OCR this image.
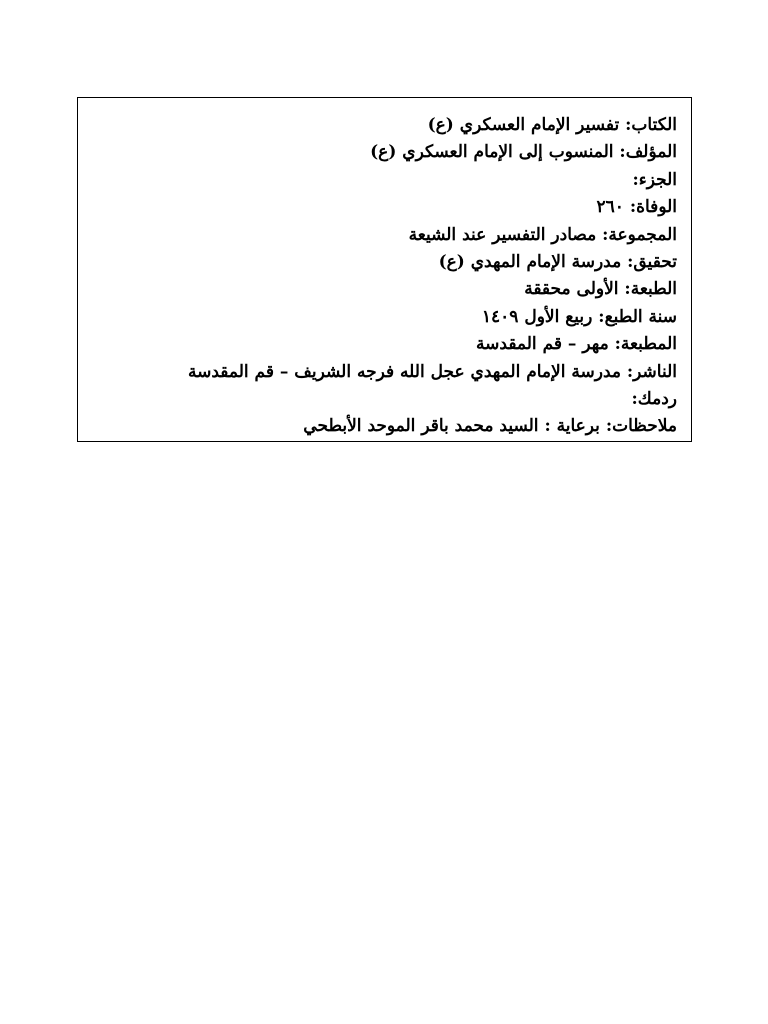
الكتاب: تفسير الإمام العسكري (ع)
المؤلف: المنسوب إلى الإمام العسكري (ع)
الجزء:
الوفاة: ٢٦٠
المجموعة: مصادر التفسير عند الشيعة
تحقيق: مدرسة الإمام المهدي (ع)
الطبعة: الأولى محققة
سنة الطبع: ربيع الأول ١٤٠٩
المطبعة: مهر – قم المقدسة
الناشر: مدرسة الإمام المهدي عجل الله فرجه الشريف – قم المقدسة
ردمك:
ملاحظات: برعاية : السيد محمد باقر الموحد الأبطحي
